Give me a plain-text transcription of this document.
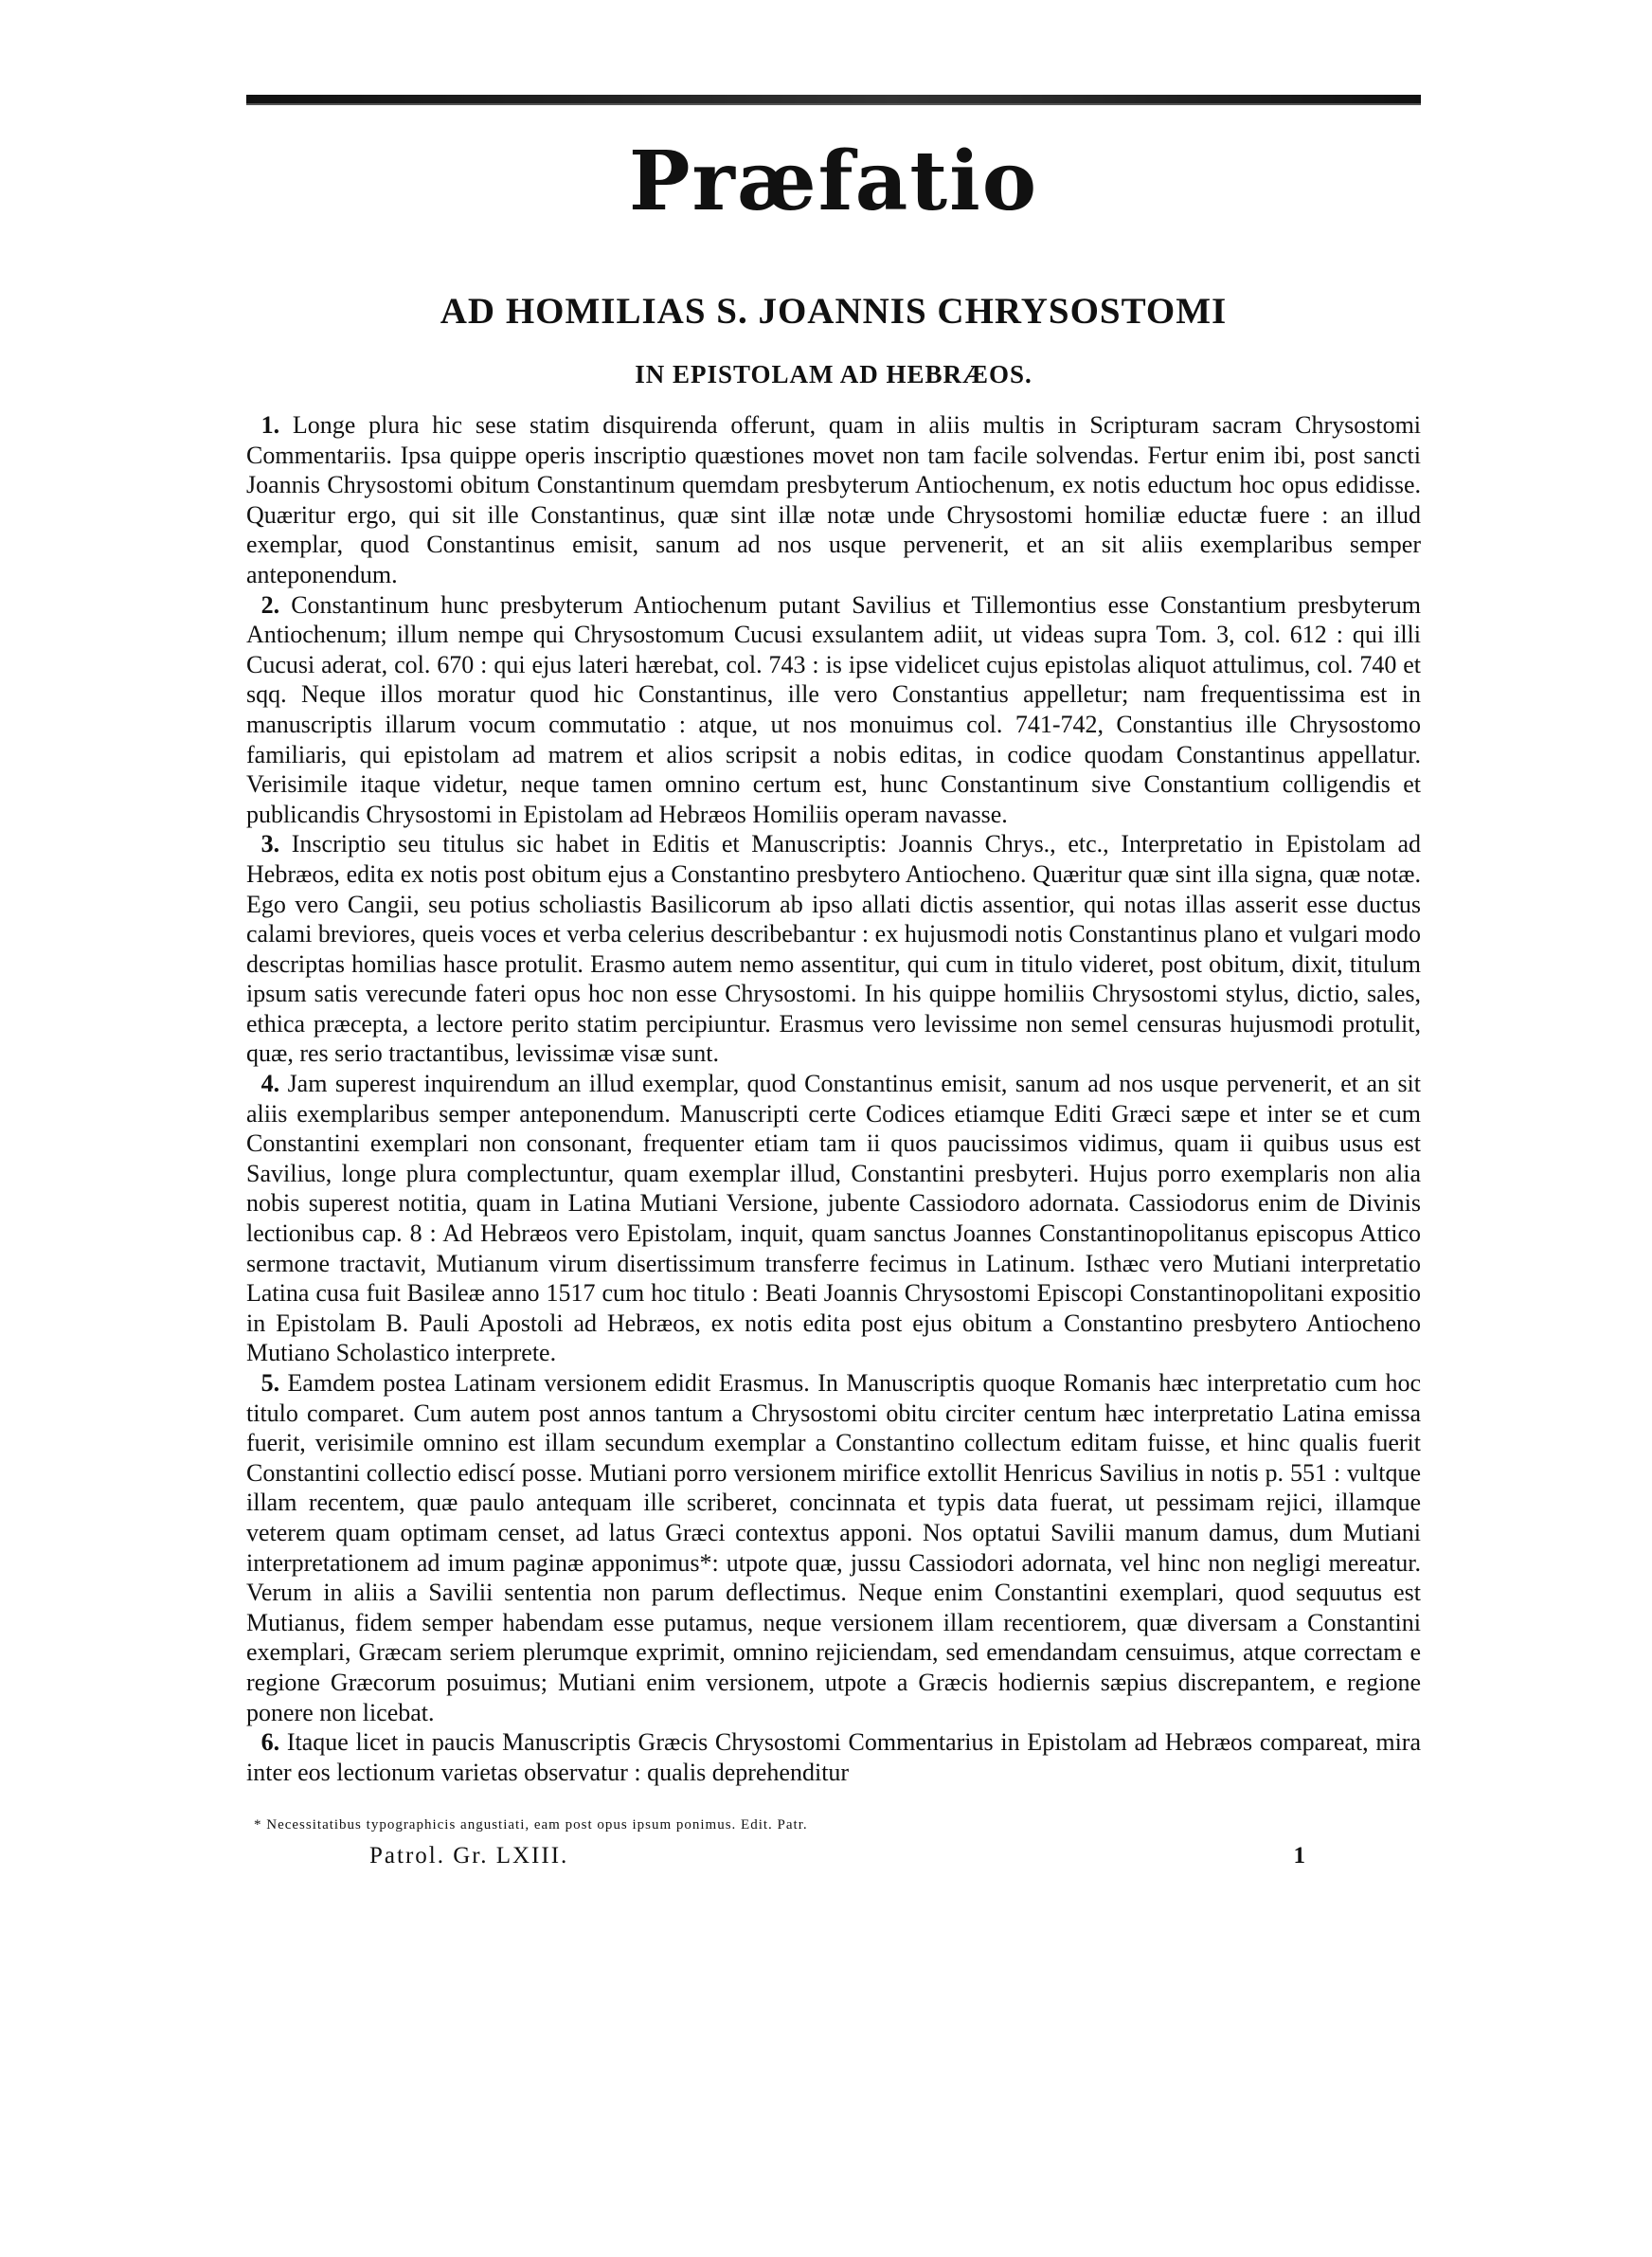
Præfatio
AD HOMILIAS S. JOANNIS CHRYSOSTOMI
IN EPISTOLAM AD HEBRÆOS.

1. Longe plura hic sese statim disquirenda offerunt, quam in aliis multis in Scripturam sacram Chrysostomi Commentariis. Ipsa quippe operis inscriptio quæstiones movet non tam facile solvendas. Fertur enim ibi, post sancti Joannis Chrysostomi obitum Constantinum quemdam presbyterum Antiochenum, ex notis eductum hoc opus edidisse. Quæritur ergo, qui sit ille Constantinus, quæ sint illæ notæ unde Chrysostomi homiliæ eductæ fuere : an illud exemplar, quod Constantinus emisit, sanum ad nos usque pervenerit, et an sit aliis exemplaribus semper anteponendum.

2. Constantinum hunc presbyterum Antiochenum putant Savilius et Tillemontius esse Constantium presbyterum Antiochenum; illum nempe qui Chrysostomum Cucusi exsulantem adiit, ut videas supra Tom. 3, col. 612 : qui illi Cucusi aderat, col. 670 : qui ejus lateri hærebat, col. 743 : is ipse videlicet cujus epistolas aliquot attulimus, col. 740 et sqq. Neque illos moratur quod hic Constantinus, ille vero Constantius appelletur; nam frequentissima est in manuscriptis illarum vocum commutatio : atque, ut nos monuimus col. 741-742, Constantius ille Chrysostomo familiaris, qui epistolam ad matrem et alios scripsit a nobis editas, in codice quodam Constantinus appellatur. Verisimile itaque videtur, neque tamen omnino certum est, hunc Constantinum sive Constantium colligendis et publicandis Chrysostomi in Epistolam ad Hebræos Homiliis operam navasse.

3. Inscriptio seu titulus sic habet in Editis et Manuscriptis: Joannis Chrys., etc., Interpretatio in Epistolam ad Hebræos, edita ex notis post obitum ejus a Constantino presbytero Antiocheno. Quæritur quæ sint illa signa, quæ notæ. Ego vero Cangii, seu potius scholiastis Basilicorum ab ipso allati dictis assentior, qui notas illas asserit esse ductus calami breviores, queis voces et verba celerius describebantur : ex hujusmodi notis Constantinus plano et vulgari modo descriptas homilias hasce protulit. Erasmo autem nemo assentitur, qui cum in titulo videret, post obitum, dixit, titulum ipsum satis verecunde fateri opus hoc non esse Chrysostomi. In his quippe homiliis Chrysostomi stylus, dictio, sales, ethica præcepta, a lectore perito statim percipiuntur. Erasmus vero levissime non semel censuras hujusmodi protulit, quæ, res serio tractantibus, levissimæ visæ sunt.

4. Jam superest inquirendum an illud exemplar, quod Constantinus emisit, sanum ad nos usque pervenerit, et an sit aliis exemplaribus semper anteponendum. Manuscripti certe Codices etiamque Editi Græci sæpe et inter se et cum Constantini exemplari non consonant, frequenter etiam tam ii quos paucissimos vidimus, quam ii quibus usus est Savilius, longe plura complectuntur, quam exemplar illud, Constantini presbyteri. Hujus porro exemplaris non alia nobis superest notitia, quam in Latina Mutiani Versione, jubente Cassiodoro adornata. Cassiodorus enim de Divinis lectionibus cap. 8 : Ad Hebræos vero Epistolam, inquit, quam sanctus Joannes Constantinopolitanus episcopus Attico sermone tractavit, Mutianum virum disertissimum transferre fecimus in Latinum. Isthæc vero Mutiani interpretatio Latina cusa fuit Basileæ anno 1517 cum hoc titulo : Beati Joannis Chrysostomi Episcopi Constantinopolitani expositio in Epistolam B. Pauli Apostoli ad Hebræos, ex notis edita post ejus obitum a Constantino presbytero Antiocheno Mutiano Scholastico interprete.

5. Eamdem postea Latinam versionem edidit Erasmus. In Manuscriptis quoque Romanis hæc interpretatio cum hoc titulo comparet. Cum autem post annos tantum a Chrysostomi obitu circiter centum hæc interpretatio Latina emissa fuerit, verisimile omnino est illam secundum exemplar a Constantino collectum editam fuisse, et hinc qualis fuerit Constantini collectio ediscí posse. Mutiani porro versionem mirifice extollit Henricus Savilius in notis p. 551 : vultque illam recentem, quæ paulo antequam ille scriberet, concinnata et typis data fuerat, ut pessimam rejici, illamque veterem quam optimam censet, ad latus Græci contextus apponi. Nos optatui Savilii manum damus, dum Mutiani interpretationem ad imum paginæ apponimus*: utpote quæ, jussu Cassiodori adornata, vel hinc non negligi mereatur. Verum in aliis a Savilii sententia non parum deflectimus. Neque enim Constantini exemplari, quod sequutus est Mutianus, fidem semper habendam esse putamus, neque versionem illam recentiorem, quæ diversam a Constantini exemplari, Græcam seriem plerumque exprimit, omnino rejiciendam, sed emendandam censuimus, atque correctam e regione Græcorum posuimus; Mutiani enim versionem, utpote a Græcis hodiernis sæpius discrepantem, e regione ponere non licebat.

6. Itaque licet in paucis Manuscriptis Græcis Chrysostomi Commentarius in Epistolam ad Hebræos compareat, mira inter eos lectionum varietas observatur : qualis deprehenditur

* Necessitatibus typographicis angustiati, eam post opus ipsum ponimus. Edit. Patr.
Patrol. Gr. LXIII.	1
